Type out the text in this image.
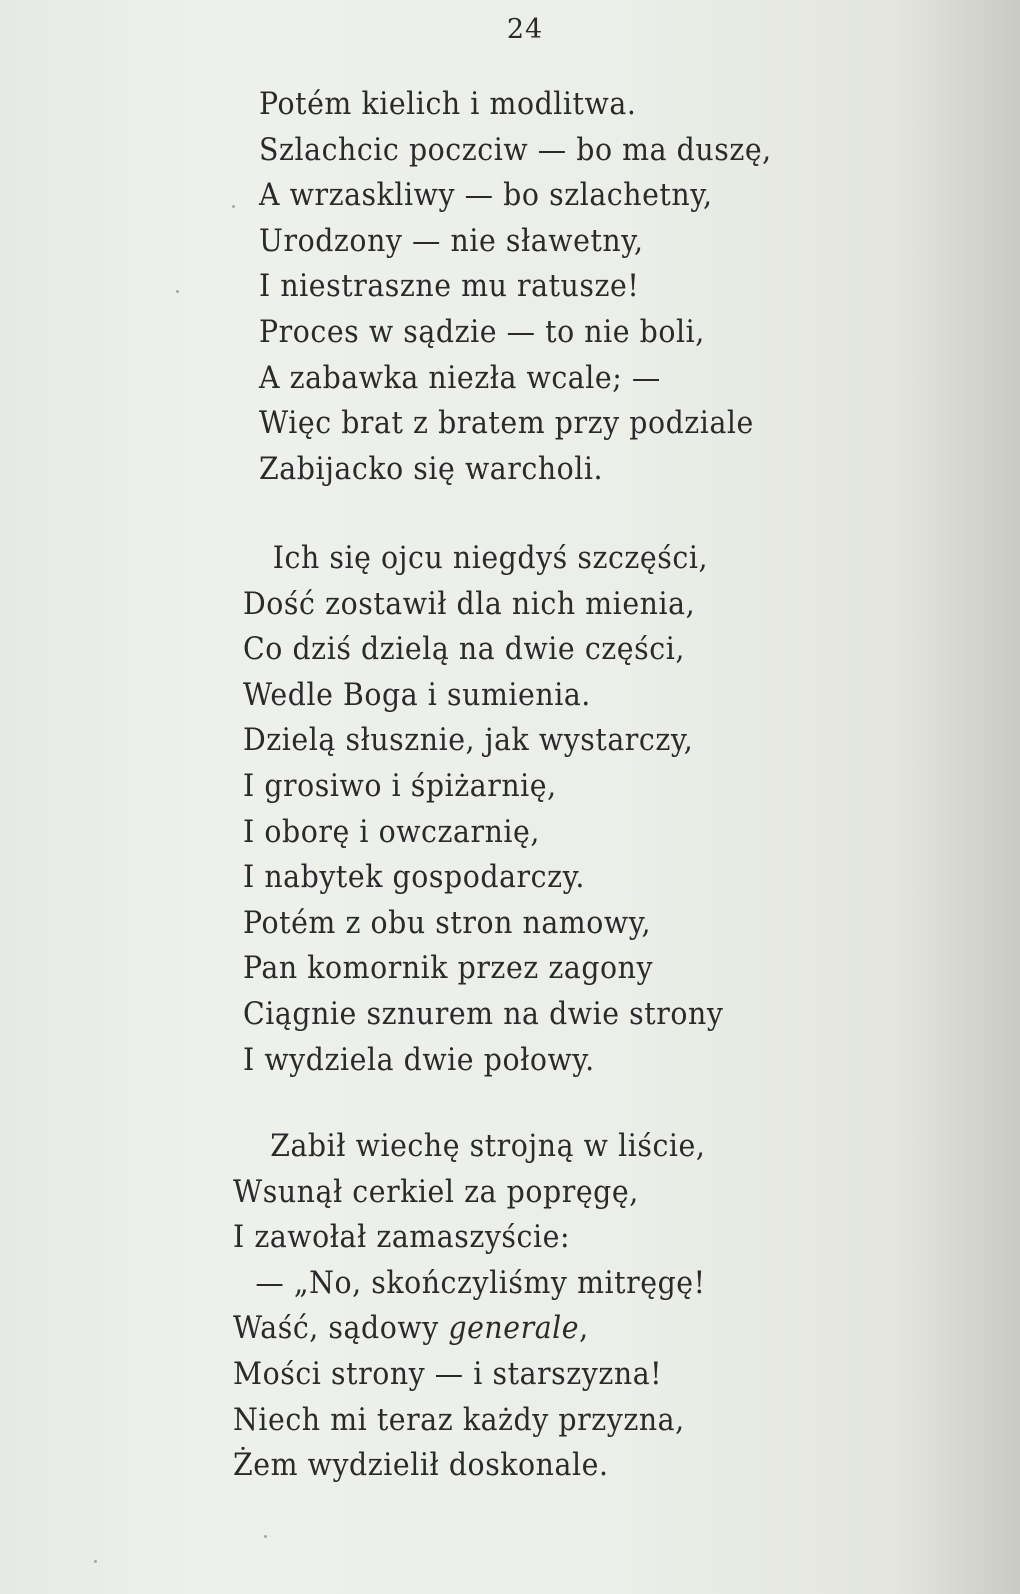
24
Potém kielich i modlitwa.
Szlachcic poczciw — bo ma duszę,
A wrzaskliwy — bo szlachetny,
Urodzony — nie sławetny,
I niestraszne mu ratusze!
Proces w sądzie — to nie boli,
A zabawka niezła wcale; —
Więc brat z bratem przy podziale
Zabijacko się warcholi.
Ich się ojcu niegdyś szczęści,
Dość zostawił dla nich mienia,
Co dziś dzielą na dwie części,
Wedle Boga i sumienia.
Dzielą słusznie, jak wystarczy,
I grosiwo i śpiżarnię,
I oborę i owczarnię,
I nabytek gospodarczy.
Potém z obu stron namowy,
Pan komornik przez zagony
Ciągnie sznurem na dwie strony
I wydziela dwie połowy.
Zabił wiechę strojną w liście,
Wsunął cerkiel za popręgę,
I zawołał zamaszyście:
— „No, skończyliśmy mitręgę!
Waść, sądowy generale,
Mości strony — i starszyzna!
Niech mi teraz każdy przyzna,
Żem wydzielił doskonale.
